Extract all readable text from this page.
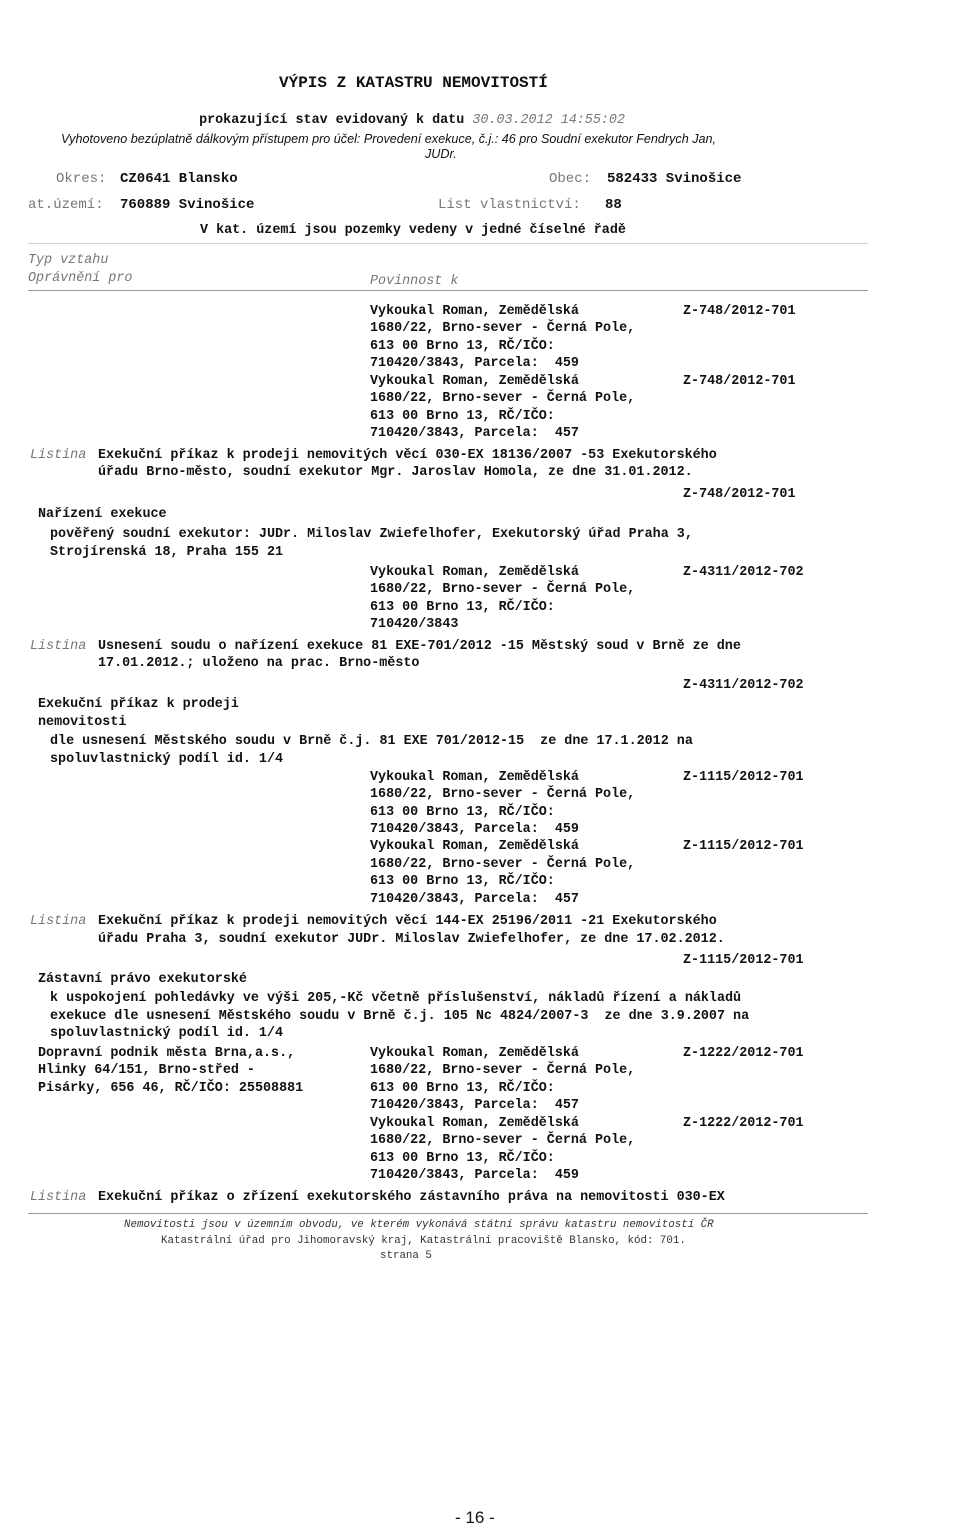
VÝPIS Z KATASTRU NEMOVITOSTÍ

prokazující stav evidovaný k datu 30.03.2012 14:55:02

Vyhotoveno bezúplatně dálkovým přístupem pro účel: Provedení exekuce, č.j.: 46 pro Soudní exekutor Fendrych Jan,
JUDr.
Okres: CZ0641 Blansko	Obec: 582433 Svinošice
at.území: 760889 Svinošice	List vlastnictví: 88
V kat. území jsou pozemky vedeny v jedné číselné řadě
Typ vztahu
Oprávnění pro	Povinnost k
Vykoukal Roman, Zemědělská	Z-748/2012-701
1680/22, Brno-sever - Černá Pole,
613 00 Brno 13, RČ/IČO:
710420/3843, Parcela:  459
Vykoukal Roman, Zemědělská	Z-748/2012-701
1680/22, Brno-sever - Černá Pole,
613 00 Brno 13, RČ/IČO:
710420/3843, Parcela:  457
Listina Exekuční příkaz k prodeji nemovitých věcí 030-EX 18136/2007 -53 Exekutorského
úřadu Brno-město, soudní exekutor Mgr. Jaroslav Homola, ze dne 31.01.2012.
Z-748/2012-701
Nařízení exekuce
pověřený soudní exekutor: JUDr. Miloslav Zwiefelhofer, Exekutorský úřad Praha 3,
Strojírenská 18, Praha 155 21
Vykoukal Roman, Zemědělská	Z-4311/2012-702
1680/22, Brno-sever - Černá Pole,
613 00 Brno 13, RČ/IČO:
710420/3843
Listina Usnesení soudu o nařízení exekuce 81 EXE-701/2012 -15 Městský soud v Brně ze dne
17.01.2012.; uloženo na prac. Brno-město
Z-4311/2012-702
Exekuční příkaz k prodeji
nemovitosti
dle usnesení Městského soudu v Brně č.j. 81 EXE 701/2012-15  ze dne 17.1.2012 na
spoluvlastnický podíl id. 1/4
Vykoukal Roman, Zemědělská	Z-1115/2012-701
1680/22, Brno-sever - Černá Pole,
613 00 Brno 13, RČ/IČO:
710420/3843, Parcela:  459
Vykoukal Roman, Zemědělská	Z-1115/2012-701
1680/22, Brno-sever - Černá Pole,
613 00 Brno 13, RČ/IČO:
710420/3843, Parcela:  457
Listina Exekuční příkaz k prodeji nemovitých věcí 144-EX 25196/2011 -21 Exekutorského
úřadu Praha 3, soudní exekutor JUDr. Miloslav Zwiefelhofer, ze dne 17.02.2012.
Z-1115/2012-701
Zástavní právo exekutorské
k uspokojení pohledávky ve výši 205,-Kč včetně příslušenství, nákladů řízení a nákladů
exekuce dle usnesení Městského soudu v Brně č.j. 105 Nc 4824/2007-3  ze dne 3.9.2007 na
spoluvlastnický podíl id. 1/4
Dopravní podnik města Brna,a.s.,	Vykoukal Roman, Zemědělská	Z-1222/2012-701
Hlinky 64/151, Brno-střed -	1680/22, Brno-sever - Černá Pole,
Pisárky, 656 46, RČ/IČO: 25508881	613 00 Brno 13, RČ/IČO:
710420/3843, Parcela:  457
Vykoukal Roman, Zemědělská	Z-1222/2012-701
1680/22, Brno-sever - Černá Pole,
613 00 Brno 13, RČ/IČO:
710420/3843, Parcela:  459
Listina Exekuční příkaz o zřízení exekutorského zástavního práva na nemovitosti 030-EX
Nemovitosti jsou v územním obvodu, ve kterém vykonává státní správu katastru nemovitostí ČR
Katastrální úřad pro Jihomoravský kraj, Katastrální pracoviště Blansko, kód: 701.
strana 5
- 16 -
